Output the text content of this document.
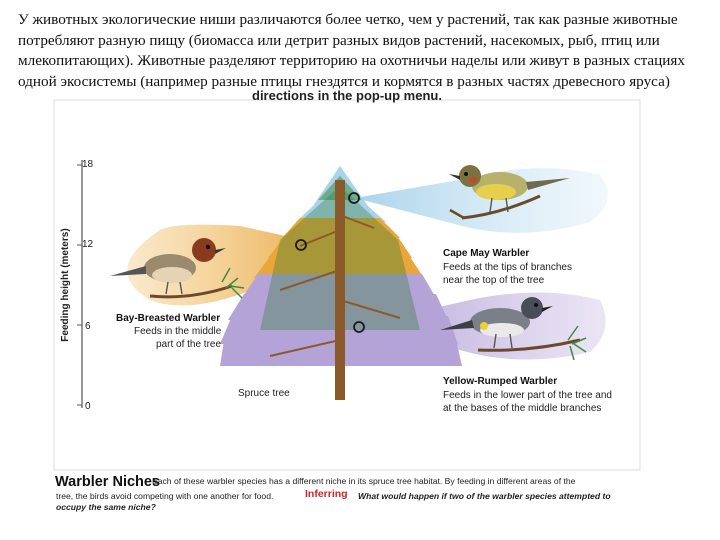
У животных экологические ниши различаются более четко, чем у растений, так как разные животные потребляют разную пищу (биомасса или детрит разных видов растений, насекомых, рыб, птиц или млекопитающих). Животные разделяют территорию на охотничьи наделы или живут в разных стациях одной экосистемы (например разные птицы гнездятся и кормятся в разных частях древесного яруса)

directions in the pop-up menu.
18
12
6
0
Feeding height (meters)
Spruce tree
Bay-Breasted Warbler
Feeds in the middle
part of the tree
Cape May Warbler
Feeds at the tips of branches
near the top of the tree
Yellow-Rumped Warbler
Feeds in the lower part of the tree and
at the bases of the middle branches
Warbler Niches
Each of these warbler species has a different niche in its spruce tree habitat. By feeding in different areas of the
tree, the birds avoid competing with one another for food.	Inferring	What would happen if two of the warbler species attempted to
occupy the same niche?
